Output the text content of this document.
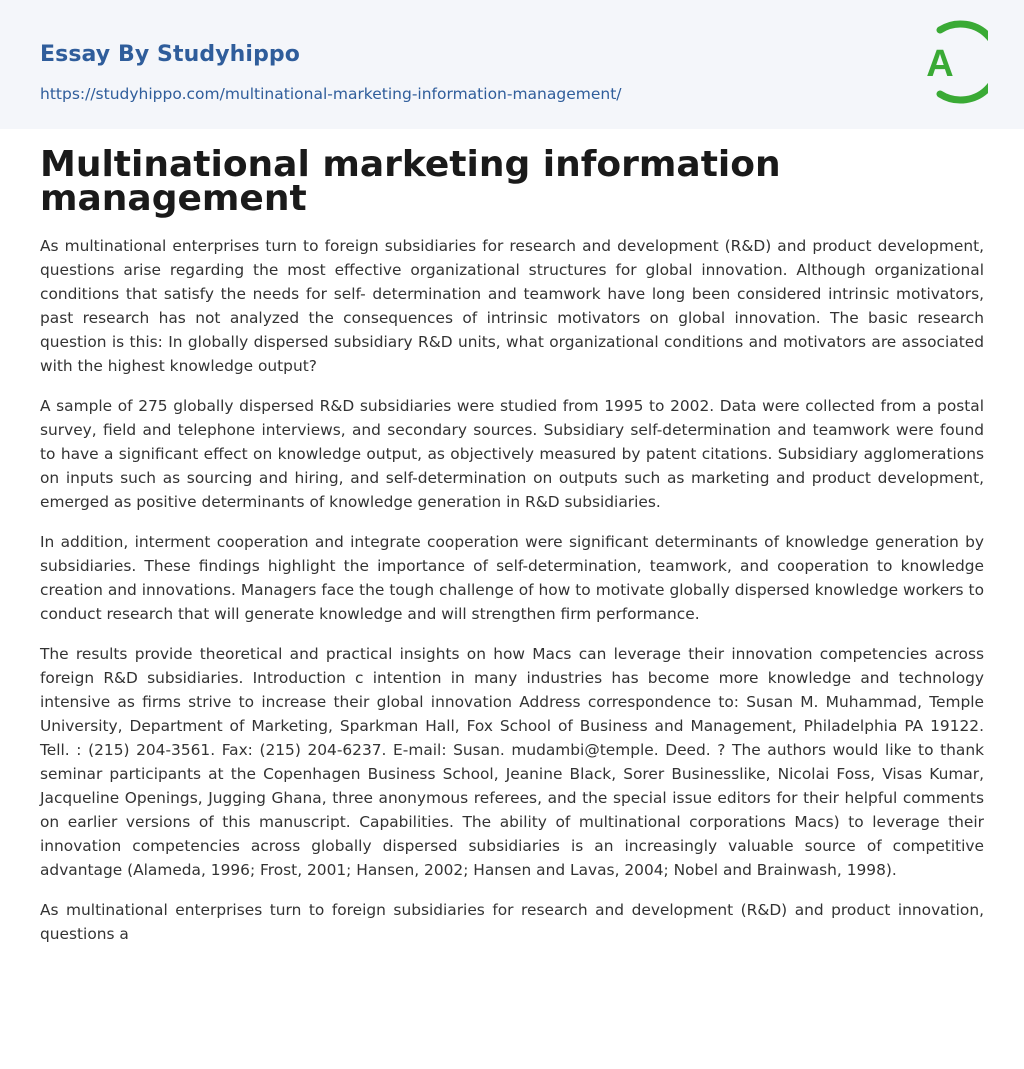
Essay By Studyhippo
https://studyhippo.com/multinational-marketing-information-management/
A
Multinational marketing information management

As multinational enterprises turn to foreign subsidiaries for research and development (R&D) and product development, questions arise regarding the most effective organizational structures for global innovation. Although organizational conditions that satisfy the needs for self- determination and teamwork have long been considered intrinsic motivators, past research has not analyzed the consequences of intrinsic motivators on global innovation. The basic research question is this: In globally dispersed subsidiary R&D units, what organizational conditions and motivators are associated with the highest knowledge output?

A sample of 275 globally dispersed R&D subsidiaries were studied from 1995 to 2002. Data were collected from a postal survey, field and telephone interviews, and secondary sources. Subsidiary self-determination and teamwork were found to have a significant effect on knowledge output, as objectively measured by patent citations. Subsidiary agglomerations on inputs such as sourcing and hiring, and self-determination on outputs such as marketing and product development, emerged as positive determinants of knowledge generation in R&D subsidiaries.

In addition, interment cooperation and integrate cooperation were significant determinants of knowledge generation by subsidiaries. These findings highlight the importance of self-determination, teamwork, and cooperation to knowledge creation and innovations. Managers face the tough challenge of how to motivate globally dispersed knowledge workers to conduct research that will generate knowledge and will strengthen firm performance.

The results provide theoretical and practical insights on how Macs can leverage their innovation competencies across foreign R&D subsidiaries. Introduction c intention in many industries has become more knowledge and technology intensive as firms strive to increase their global innovation Address correspondence to: Susan M. Muhammad, Temple University, Department of Marketing, Sparkman Hall, Fox School of Business and Management, Philadelphia PA 19122. Tell. : (215) 204-3561. Fax: (215) 204-6237. E-mail: Susan. mudambi@temple. Deed. ? The authors would like to thank seminar participants at the Copenhagen Business School, Jeanine Black, Sorer Businesslike, Nicolai Foss, Visas Kumar, Jacqueline Openings, Jugging Ghana, three anonymous referees, and the special issue editors for their helpful comments on earlier versions of this manuscript. Capabilities. The ability of multinational corporations Macs) to leverage their innovation competencies across globally dispersed subsidiaries is an increasingly valuable source of competitive advantage (Alameda, 1996; Frost, 2001; Hansen, 2002; Hansen and Lavas, 2004; Nobel and Brainwash, 1998).

As multinational enterprises turn to foreign subsidiaries for research and development (R&D) and product innovation, questions a
